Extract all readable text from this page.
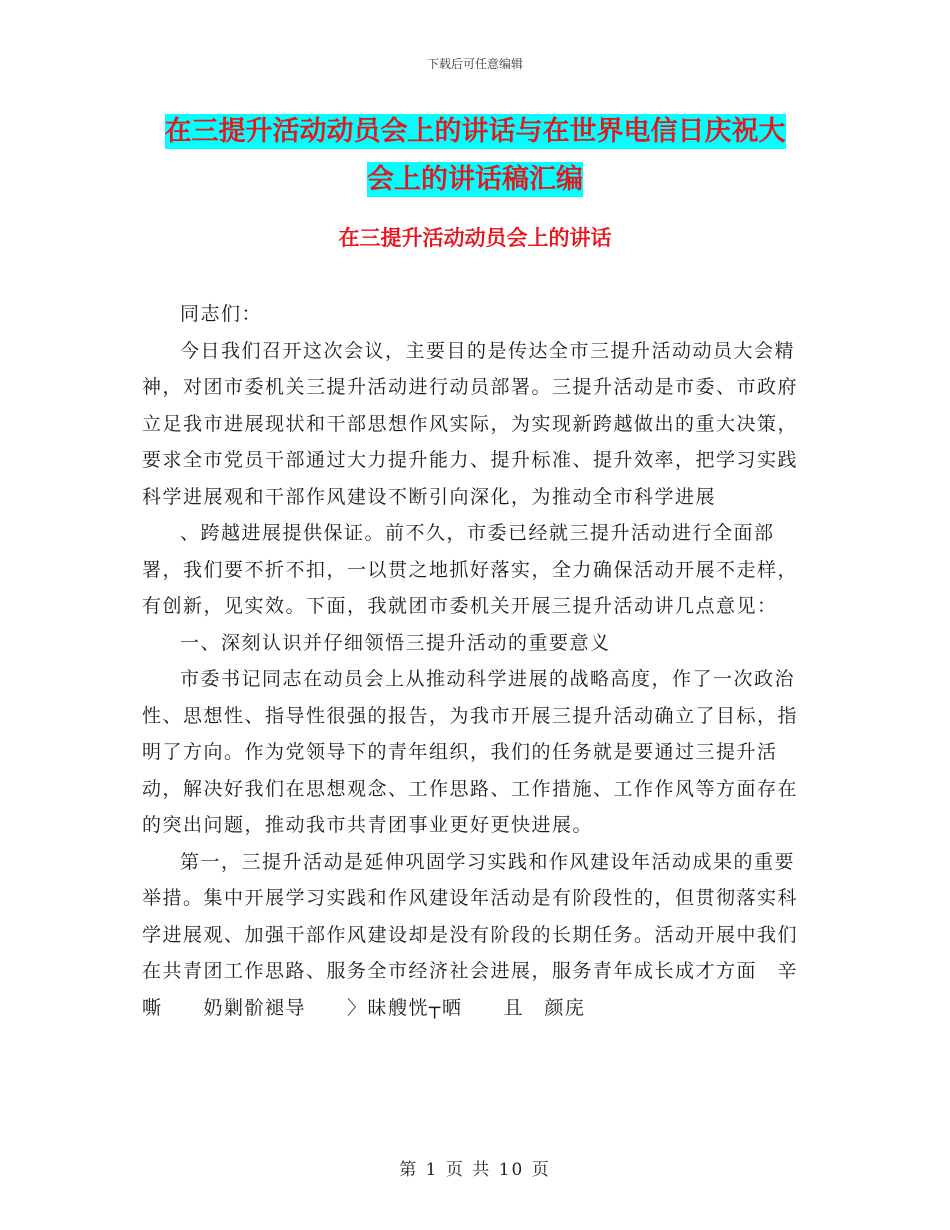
下载后可任意编辑
在三提升活动动员会上的讲话与在世界电信日庆祝大
会上的讲话稿汇编
在三提升活动动员会上的讲话

同志们：

今日我们召开这次会议，主要目的是传达全市三提升活动动员大会精神，对团市委机关三提升活动进行动员部署。三提升活动是市委、市政府立足我市进展现状和干部思想作风实际，为实现新跨越做出的重大决策，要求全市党员干部通过大力提升能力、提升标准、提升效率，把学习实践科学进展观和干部作风建设不断引向深化，为推动全市科学进展

、跨越进展提供保证。前不久，市委已经就三提升活动进行全面部署，我们要不折不扣，一以贯之地抓好落实，全力确保活动开展不走样，有创新，见实效。下面，我就团市委机关开展三提升活动讲几点意见：

一、深刻认识并仔细领悟三提升活动的重要意义

市委书记同志在动员会上从推动科学进展的战略高度，作了一次政治性、思想性、指导性很强的报告，为我市开展三提升活动确立了目标，指明了方向。作为党领导下的青年组织，我们的任务就是要通过三提升活动，解决好我们在思想观念、工作思路、工作措施、工作作风等方面存在的突出问题，推动我市共青团事业更好更快进展。

第一，三提升活动是延伸巩固学习实践和作风建设年活动成果的重要举措。集中开展学习实践和作风建设年活动是有阶段性的，但贯彻落实科学进展观、加强干部作风建设却是没有阶段的长期任务。活动开展中我们在共青团工作思路、服务全市经济社会进展，服务青年成长成才方面　辛嘶　　奶剿骱褪导　　〉昧艘恍┬晒　　且　颜庑

第 1 页 共 10 页
